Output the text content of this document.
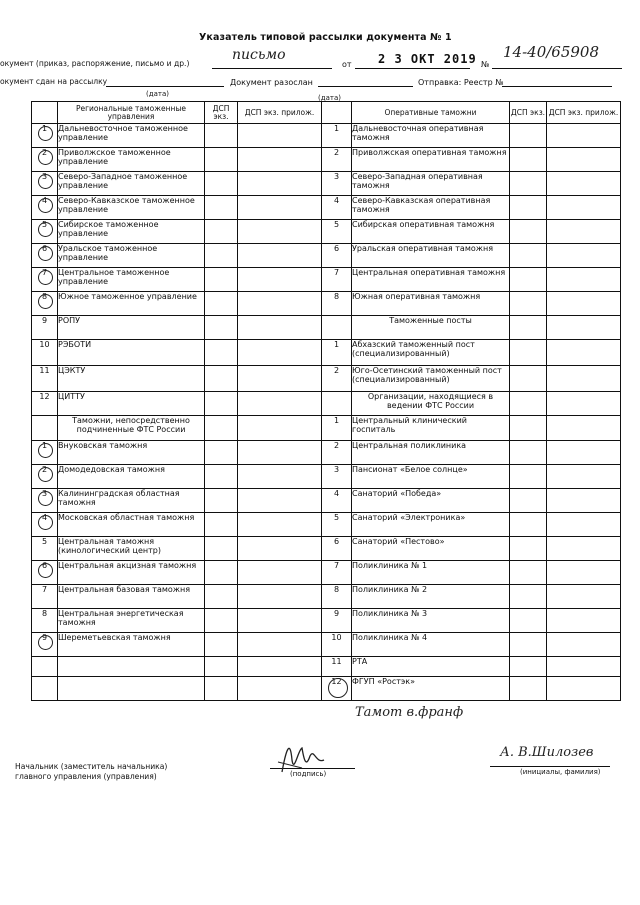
Указатель типовой рассылки документа № 1
окумент (приказ, распоряжение, письмо и др.)
письмо
от 2 3 ОКТ 2019 №
14-40/65908
окумент сдан на рассылку	Документ разослан	Отправка: Реестр №
(дата)	(дата)
	Региональные таможенные управления	ДСП экз.	ДСП экз. прилож.		Оперативные таможни	ДСП экз.	ДСП экз. прилож.
1	Дальневосточное таможенное управление			1	Дальневосточная оперативная таможня		
2	Приволжское таможенное управление			2	Приволжская оперативная таможня		
3	Северо-Западное таможенное управление			3	Северо-Западная оперативная таможня		
4	Северо-Кавказское таможенное управление			4	Северо-Кавказская оперативная таможня		
5	Сибирское таможенное управление			5	Сибирская оперативная таможня		
6	Уральское таможенное управление			6	Уральская оперативная таможня		
7	Центральное таможенное управление			7	Центральная оперативная таможня		
8	Южное таможенное управление			8	Южная оперативная таможня		
9	РОПУ				Таможенные посты		
10	РЭБОТИ			1	Абхазский таможенный пост (специализированный)		
11	ЦЭКТУ			2	Юго-Осетинский таможенный пост (специализированный)		
12	ЦИТТУ				Организации, находящиеся в ведении ФТС России		
	Таможни, непосредственно подчиненные ФТС России			1	Центральный клинический госпиталь		
1	Внуковская таможня			2	Центральная поликлиника		
2	Домодедовская таможня			3	Пансионат «Белое солнце»		
3	Калининградская областная таможня			4	Санаторий «Победа»		
4	Московская областная таможня			5	Санаторий «Электроника»		
5	Центральная таможня (кинологический центр)			6	Санаторий «Пестово»		
6	Центральная акцизная таможня			7	Поликлиника № 1		
7	Центральная базовая таможня			8	Поликлиника № 2		
8	Центральная энергетическая таможня			9	Поликлиника № 3		
9	Шереметьевская таможня			10	Поликлиника № 4		
				11	РТА		
				12	ФГУП «Ростэк»		
Тамот в.франф
Начальник (заместитель начальника)
главного управления (управления)	(подпись)
А. В.Шилозев
(инициалы, фамилия)
